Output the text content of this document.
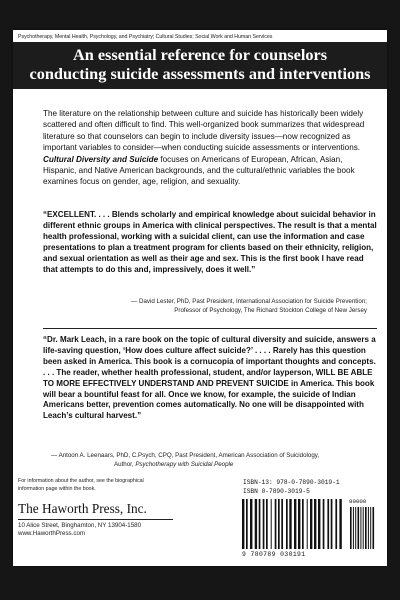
Psychotherapy, Mental Health, Psychology, and Psychiatry; Cultural Studies; Social Work and Human Services
An essential reference for counselors
conducting suicide assessments and interventions
The literature on the relationship between culture and suicide has historically been widely scattered and often difficult to find. This well-organized book summarizes that widespread literature so that counselors can begin to include diversity issues—now recognized as important variables to consider—when conducting suicide assessments or interventions. Cultural Diversity and Suicide focuses on Americans of European, African, Asian, Hispanic, and Native American backgrounds, and the cultural/ethnic variables the book examines focus on gender, age, religion, and sexuality.
“EXCELLENT. . . . Blends scholarly and empirical knowledge about suicidal behavior in different ethnic groups in America with clinical perspectives. The result is that a mental health professional, working with a suicidal client, can use the information and case presentations to plan a treatment program for clients based on their ethnicity, religion, and sexual orientation as well as their age and sex. This is the first book I have read that attempts to do this and, impressively, does it well.”
— David Lester, PhD, Past President, International Association for Suicide Prevention;
Professor of Psychology, The Richard Stockton College of New Jersey
“Dr. Mark Leach, in a rare book on the topic of cultural diversity and suicide, answers a life-saving question, ‘How does culture affect suicide?’ . . . . Rarely has this question been asked in America. This book is a cornucopia of important thoughts and concepts. . . . The reader, whether health professional, student, and/or layperson, WILL BE ABLE TO MORE EFFECTIVELY UNDERSTAND AND PREVENT SUICIDE in America. This book will bear a bountiful feast for all. Once we know, for example, the suicide of Indian Americans better, prevention comes automatically. No one will be disappointed with Leach’s cultural harvest.”
— Antoon A. Leenaars, PhD, C.Psych, CPQ, Past President, American Association of Suicidology,
Author, Psychotherapy with Suicidal People
For information about the author, see the biographical information page within the book.
The Haworth Press, Inc.
10 Alice Street, Binghamton, NY 13904-1580
www.HaworthPress.com
ISBN-13: 978-0-7890-3019-1
ISBN 0-7890-3019-5
90000
9 780789 030191
